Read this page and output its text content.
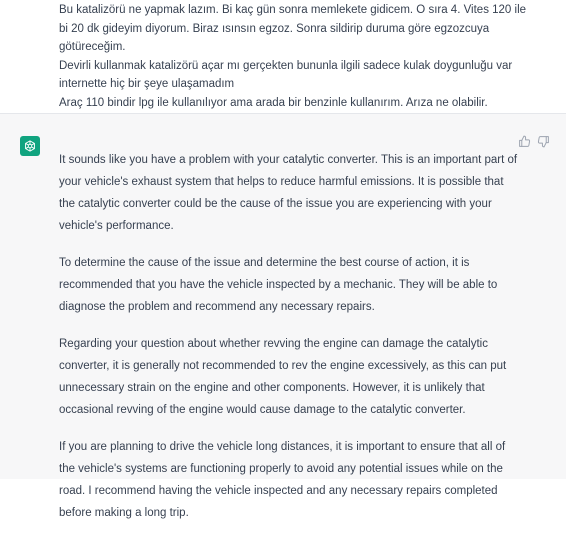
Bu katalizörü ne yapmak lazım. Bi kaç gün sonra memlekete gidicem. O sıra 4. Vites 120 ile
bi 20 dk gideyim diyorum. Biraz ısınsın egzoz. Sonra sildirip duruma göre egzozcuya
götüreceğim.
Devirli kullanmak katalizörü açar mı gerçekten bununla ilgili sadece kulak doygunluğu var
internette hiç bir şeye ulaşamadım
Araç 110 bindir lpg ile kullanılıyor ama arada bir benzinle kullanırım. Arıza ne olabilir.

It sounds like you have a problem with your catalytic converter. This is an important part of
your vehicle's exhaust system that helps to reduce harmful emissions. It is possible that
the catalytic converter could be the cause of the issue you are experiencing with your
vehicle's performance.

To determine the cause of the issue and determine the best course of action, it is
recommended that you have the vehicle inspected by a mechanic. They will be able to
diagnose the problem and recommend any necessary repairs.

Regarding your question about whether revving the engine can damage the catalytic
converter, it is generally not recommended to rev the engine excessively, as this can put
unnecessary strain on the engine and other components. However, it is unlikely that
occasional revving of the engine would cause damage to the catalytic converter.

If you are planning to drive the vehicle long distances, it is important to ensure that all of
the vehicle's systems are functioning properly to avoid any potential issues while on the
road. I recommend having the vehicle inspected and any necessary repairs completed
before making a long trip.
